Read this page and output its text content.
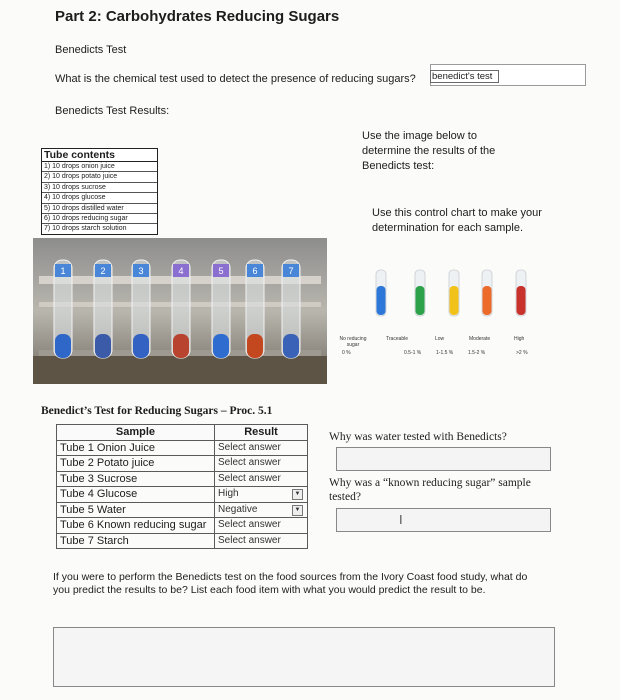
Part 2: Carbohydrates Reducing Sugars
Benedicts Test
What is the chemical test used to detect the presence of reducing sugars? benedict's test
Benedicts Test Results:
Tube contents
1) 10 drops onion juice
2) 10 drops potato juice
3) 10 drops sucrose
4) 10 drops glucose
5) 10 drops distilled water
6) 10 drops reducing sugar
7) 10 drops starch solution
1	2	3	4	5	6	7
Use the image below to determine the results of the Benedicts test:
Use this control chart to make your determination for each sample.
No reducing sugar
Traceable	Low	Moderate	High
0 %	0.5-1 %	1-1.5 %	1.5-2 %	>2 %
Benedict’s Test for Reducing Sugars – Proc. 5.1
Sample	Result
Tube 1 Onion Juice	Select answer
Tube 2 Potato juice	Select answer
Tube 3 Sucrose	Select answer
Tube 4 Glucose	High ▼

Tube 5 Water	Negative ▼

Tube 6 Known reducing sugar	Select answer
Tube 7 Starch	Select answer
Why was water tested with Benedicts?
Why was a “known reducing sugar” sample tested?
I
If you were to perform the Benedicts test on the food sources from the Ivory Coast food study, what do you predict the results to be? List each food item with what you would predict the result to be.
